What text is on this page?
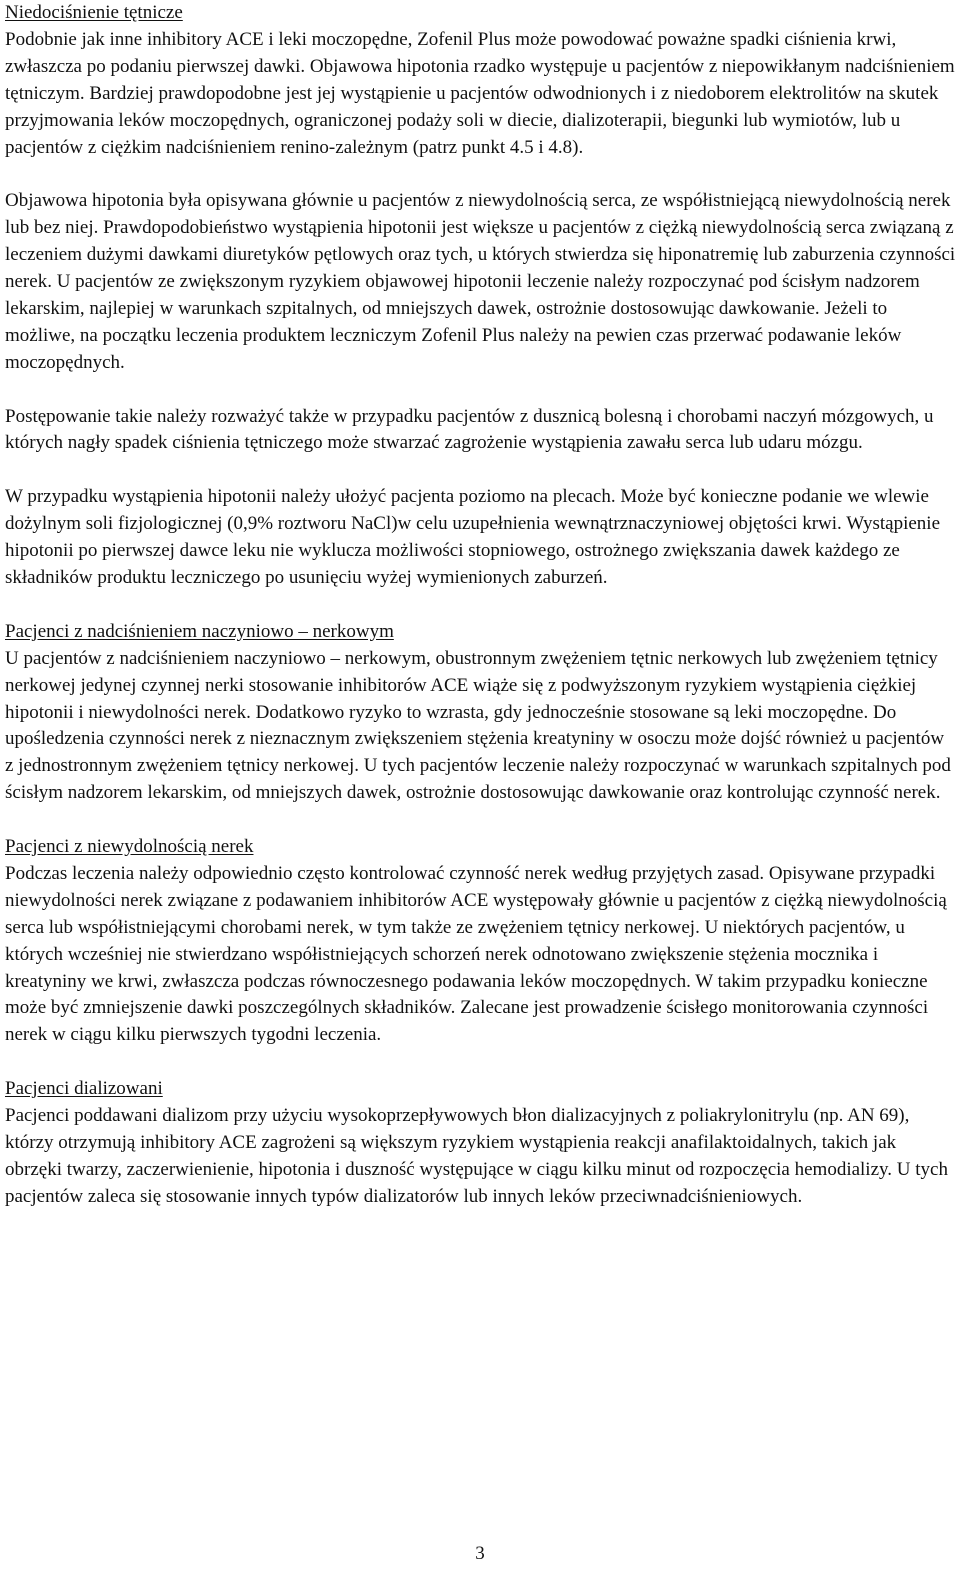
Niedociśnienie tętnicze

Podobnie jak inne inhibitory ACE i leki moczopędne, Zofenil Plus może powodować poważne spadki ciśnienia krwi, zwłaszcza po podaniu pierwszej dawki. Objawowa hipotonia rzadko występuje u pacjentów z niepowikłanym nadciśnieniem tętniczym. Bardziej prawdopodobne jest jej wystąpienie u pacjentów odwodnionych i z niedoborem elektrolitów na skutek przyjmowania leków moczopędnych, ograniczonej podaży soli w diecie, dializoterapii, biegunki lub wymiotów, lub u pacjentów z ciężkim nadciśnieniem renino-zależnym (patrz punkt 4.5 i 4.8).

Objawowa hipotonia była opisywana głównie u pacjentów z niewydolnością serca, ze współistniejącą niewydolnością nerek lub bez niej. Prawdopodobieństwo wystąpienia hipotonii jest większe u pacjentów z ciężką niewydolnością serca związaną z leczeniem dużymi dawkami diuretyków pętlowych oraz tych, u których stwierdza się hiponatremię lub zaburzenia czynności nerek. U pacjentów ze zwiększonym ryzykiem objawowej hipotonii leczenie należy rozpoczynać pod ścisłym nadzorem lekarskim, najlepiej w warunkach szpitalnych, od mniejszych dawek, ostrożnie dostosowując dawkowanie. Jeżeli to możliwe, na początku leczenia produktem leczniczym Zofenil Plus należy na pewien czas przerwać podawanie leków moczopędnych.

Postępowanie takie należy rozważyć także w przypadku pacjentów z dusznicą bolesną i chorobami naczyń mózgowych, u których nagły spadek ciśnienia tętniczego może stwarzać zagrożenie wystąpienia zawału serca lub udaru mózgu.

W przypadku wystąpienia hipotonii należy ułożyć pacjenta poziomo na plecach. Może być konieczne podanie we wlewie dożylnym soli fizjologicznej (0,9% roztworu NaCl)w celu uzupełnienia wewnątrznaczyniowej objętości krwi. Wystąpienie hipotonii po pierwszej dawce leku nie wyklucza możliwości stopniowego, ostrożnego zwiększania dawek każdego ze składników produktu leczniczego po usunięciu wyżej wymienionych zaburzeń.

Pacjenci z nadciśnieniem naczyniowo – nerkowym

U pacjentów z nadciśnieniem naczyniowo – nerkowym, obustronnym zwężeniem tętnic nerkowych lub zwężeniem tętnicy nerkowej jedynej czynnej nerki stosowanie inhibitorów ACE wiąże się z podwyższonym ryzykiem wystąpienia ciężkiej hipotonii i niewydolności nerek. Dodatkowo ryzyko to wzrasta, gdy jednocześnie stosowane są leki moczopędne. Do upośledzenia czynności nerek z nieznacznym zwiększeniem stężenia kreatyniny w osoczu może dojść również u pacjentów z jednostronnym zwężeniem tętnicy nerkowej. U tych pacjentów leczenie należy rozpoczynać w warunkach szpitalnych pod ścisłym nadzorem lekarskim, od mniejszych dawek, ostrożnie dostosowując dawkowanie oraz kontrolując czynność nerek.

Pacjenci z niewydolnością nerek

Podczas leczenia należy odpowiednio często kontrolować czynność nerek według przyjętych zasad. Opisywane przypadki niewydolności nerek związane z podawaniem inhibitorów ACE występowały głównie u pacjentów z ciężką niewydolnością serca lub współistniejącymi chorobami nerek, w tym także ze zwężeniem tętnicy nerkowej. U niektórych pacjentów, u których wcześniej nie stwierdzano współistniejących schorzeń nerek odnotowano zwiększenie stężenia mocznika i kreatyniny we krwi, zwłaszcza podczas równoczesnego podawania leków moczopędnych. W takim przypadku konieczne może być zmniejszenie dawki poszczególnych składników. Zalecane jest prowadzenie ścisłego monitorowania czynności nerek w ciągu kilku pierwszych tygodni leczenia.

Pacjenci dializowani

Pacjenci poddawani dializom przy użyciu wysokoprzepływowych błon dializacyjnych z poliakrylonitrylu (np. AN 69), którzy otrzymują inhibitory ACE zagrożeni są większym ryzykiem wystąpienia reakcji anafilaktoidalnych, takich jak obrzęki twarzy, zaczerwienienie, hipotonia i duszność występujące w ciągu kilku minut od rozpoczęcia hemodializy. U tych pacjentów zaleca się stosowanie innych typów dializatorów lub innych leków przeciwnadciśnieniowych.

3
